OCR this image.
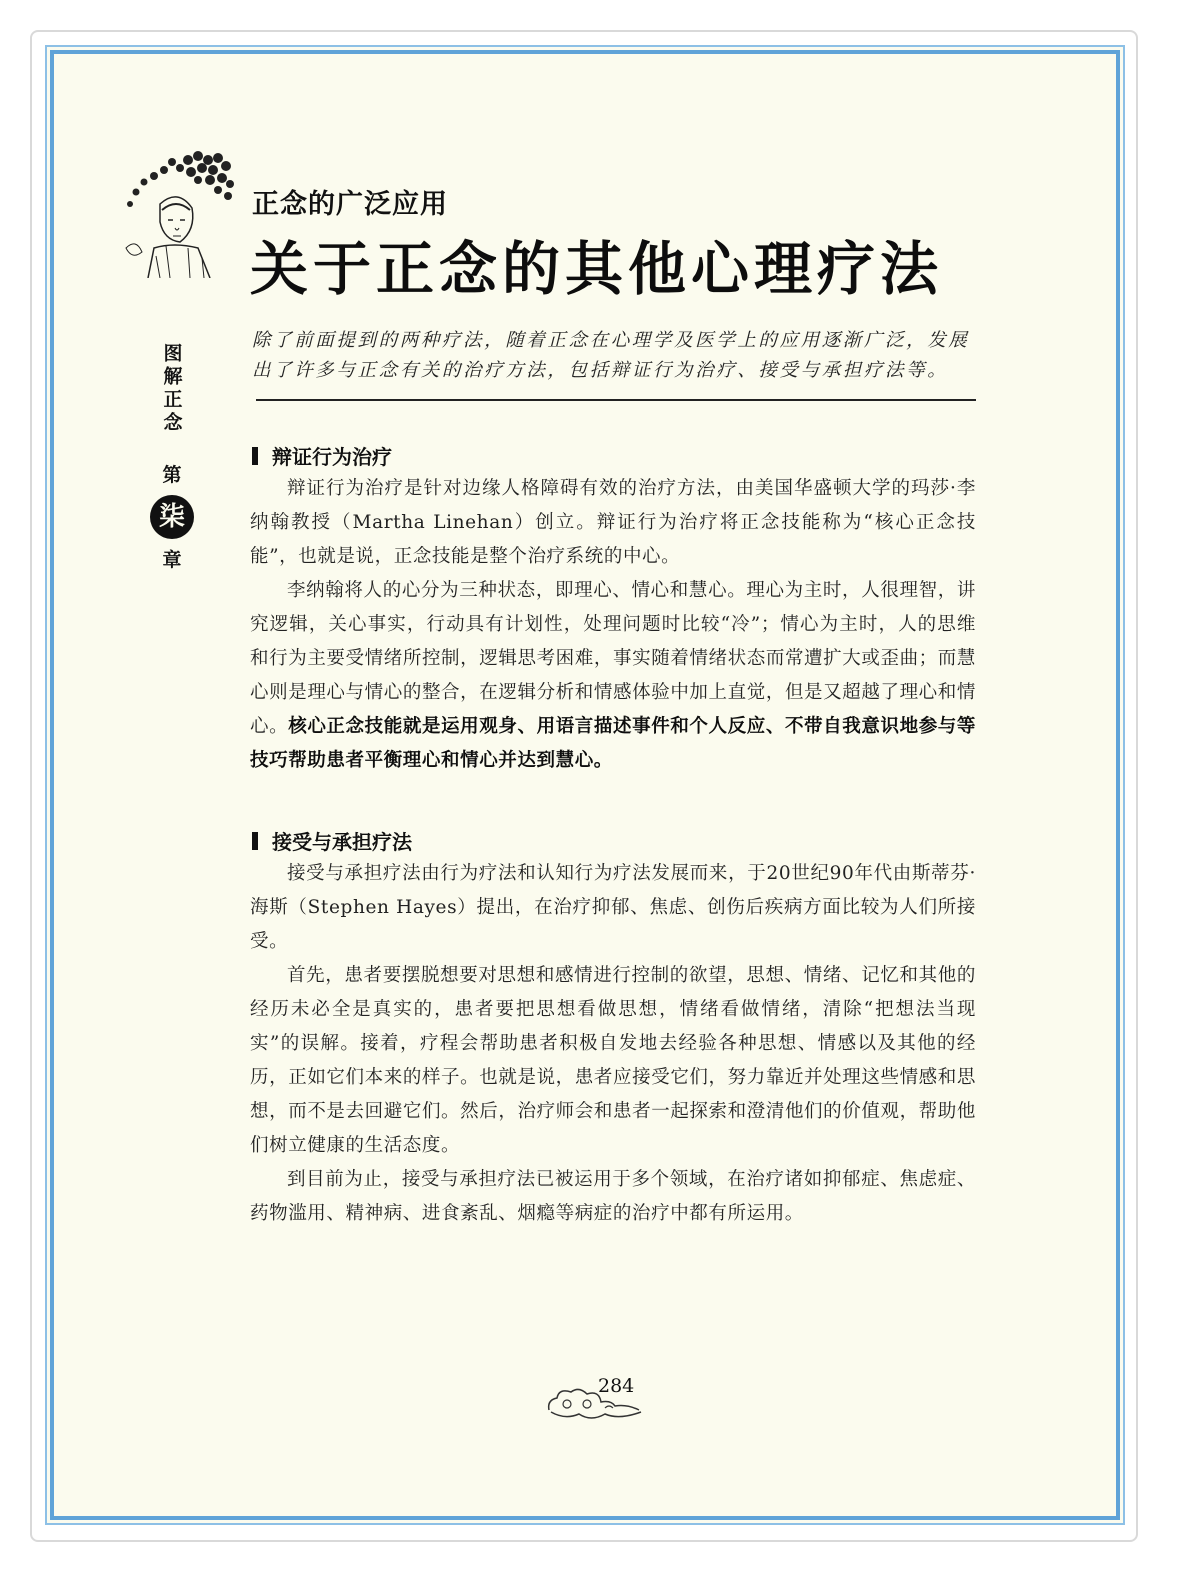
正念的广泛应用
关于正念的其他心理疗法
图解正念
第
柒
章
除了前面提到的两种疗法，随着正念在心理学及医学上的应用逐渐广泛，发展出了许多与正念有关的治疗方法，包括辩证行为治疗、接受与承担疗法等。
辩证行为治疗

辩证行为治疗是针对边缘人格障碍有效的治疗方法，由美国华盛顿大学的玛莎·李纳翰教授（Martha Linehan）创立。辩证行为治疗将正念技能称为“核心正念技能”，也就是说，正念技能是整个治疗系统的中心。

李纳翰将人的心分为三种状态，即理心、情心和慧心。理心为主时，人很理智，讲究逻辑，关心事实，行动具有计划性，处理问题时比较“冷”；情心为主时，人的思维和行为主要受情绪所控制，逻辑思考困难，事实随着情绪状态而常遭扩大或歪曲；而慧心则是理心与情心的整合，在逻辑分析和情感体验中加上直觉，但是又超越了理心和情心。核心正念技能就是运用观身、用语言描述事件和个人反应、不带自我意识地参与等技巧帮助患者平衡理心和情心并达到慧心。

接受与承担疗法

接受与承担疗法由行为疗法和认知行为疗法发展而来，于20世纪90年代由斯蒂芬·海斯（Stephen Hayes）提出，在治疗抑郁、焦虑、创伤后疾病方面比较为人们所接受。

首先，患者要摆脱想要对思想和感情进行控制的欲望，思想、情绪、记忆和其他的经历未必全是真实的，患者要把思想看做思想，情绪看做情绪，清除“把想法当现实”的误解。接着，疗程会帮助患者积极自发地去经验各种思想、情感以及其他的经历，正如它们本来的样子。也就是说，患者应接受它们，努力靠近并处理这些情感和思想，而不是去回避它们。然后，治疗师会和患者一起探索和澄清他们的价值观，帮助他们树立健康的生活态度。

到目前为止，接受与承担疗法已被运用于多个领域，在治疗诸如抑郁症、焦虑症、药物滥用、精神病、进食紊乱、烟瘾等病症的治疗中都有所运用。

284
